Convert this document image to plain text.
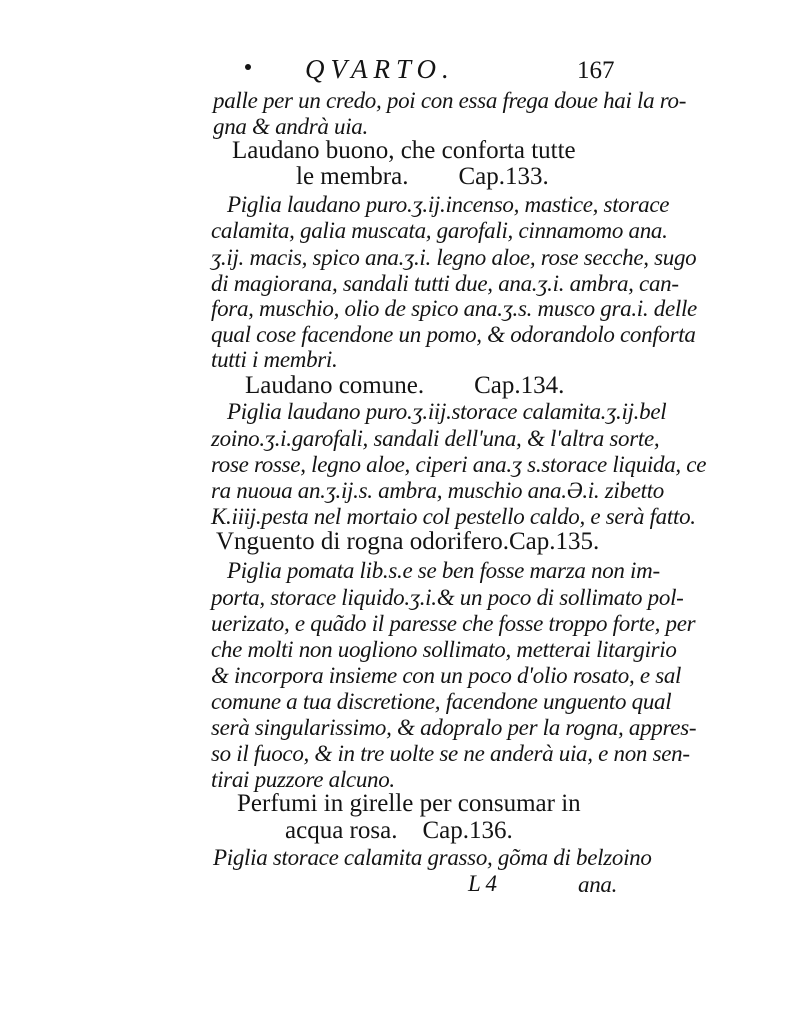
QVARTO.	167
palle per un credo, poi con essa frega doue hai la ro-
gna & andrà uia.
Laudano buono, che conforta tutte
le membra.        Cap.133.
Piglia laudano puro.ʒ.ij.incenso, mastice, storace
calamita, galia muscata, garofali, cinnamomo ana.
ʒ.ij. macis, spico ana.ʒ.i. legno aloe, rose secche, sugo
di magiorana, sandali tutti due, ana.ʒ.i. ambra, can-
fora, muschio, olio de spico ana.ʒ.s. musco gra.i. delle
qual cose facendone un pomo, & odorandolo conforta
tutti i membri.
Laudano comune.        Cap.134.
Piglia laudano puro.ʒ.iij.storace calamita.ʒ.ij.bel
zoino.ʒ.i.garofali, sandali dell'una, & l'altra sorte,
rose rosse, legno aloe, ciperi ana.ʒ s.storace liquida, ce
ra nuoua an.ʒ.ij.s. ambra, muschio ana.Ə.i. zibetto
K.iiij.pesta nel mortaio col pestello caldo, e serà fatto.
Vnguento di rogna odorifero.Cap.135.
Piglia pomata lib.s.e se ben fosse marza non im-
porta, storace liquido.ʒ.i.& un poco di sollimato pol-
uerizato, e quãdo il paresse che fosse troppo forte, per
che molti non uogliono sollimato, metterai litargirio
& incorpora insieme con un poco d'olio rosato, e sal
comune a tua discretione, facendone unguento qual
serà singularissimo, & adopralo per la rogna, appres-
so il fuoco, & in tre uolte se ne anderà uia, e non sen-
tirai puzzore alcuno.
Perfumi in girelle per consumar in
acqua rosa.    Cap.136.
Piglia storace calamita grasso, gõma di belzoino
L 4	ana.
